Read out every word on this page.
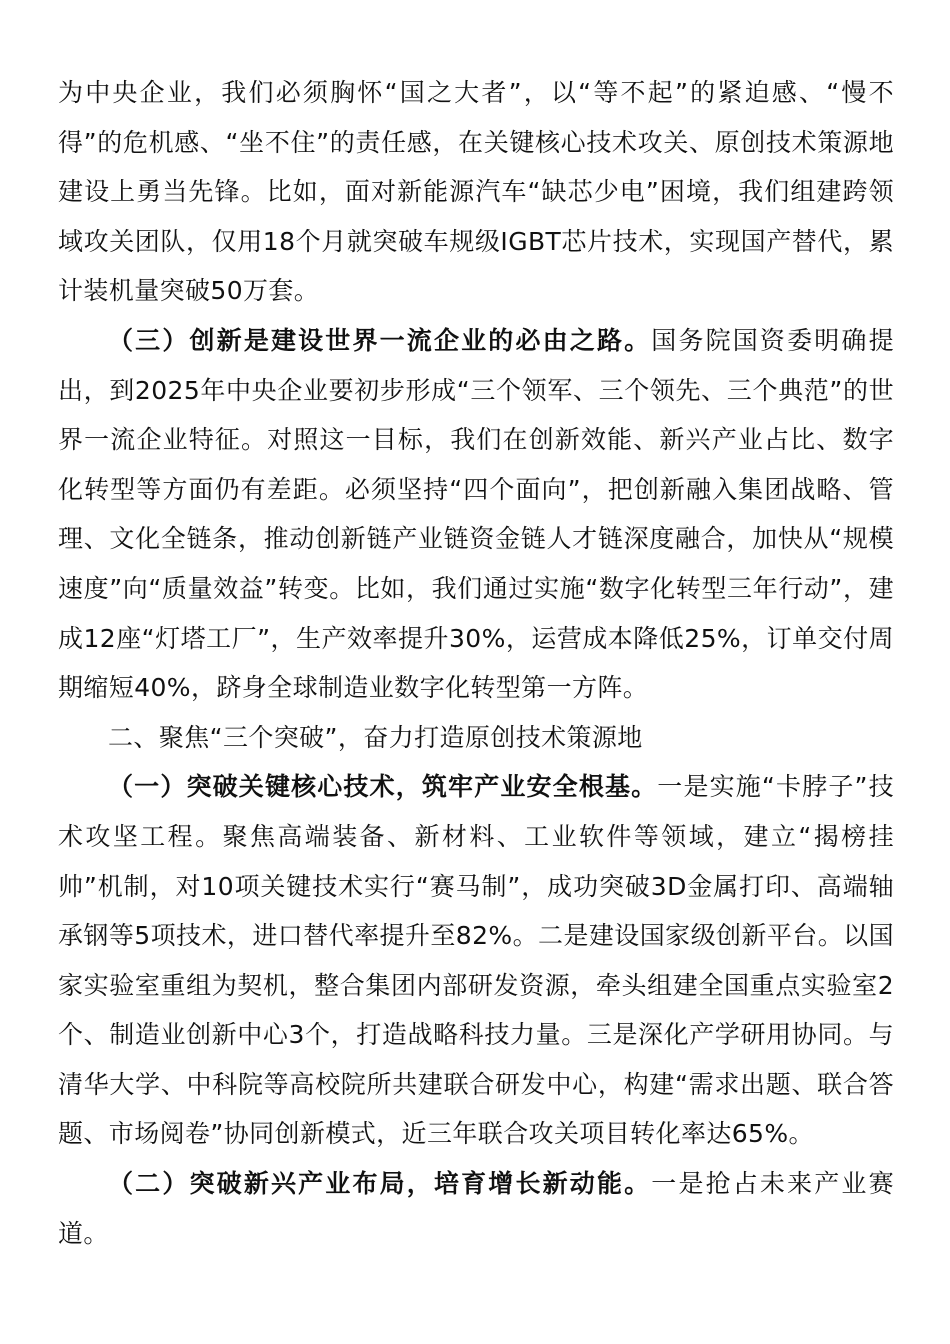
为中央企业，我们必须胸怀“国之大者”，以“等不起”的紧迫感、“慢不得”的危机感、“坐不住”的责任感，在关键核心技术攻关、原创技术策源地建设上勇当先锋。比如，面对新能源汽车“缺芯少电”困境，我们组建跨领域攻关团队，仅用18个月就突破车规级IGBT芯片技术，实现国产替代，累计装机量突破50万套。

（三）创新是建设世界一流企业的必由之路。国务院国资委明确提出，到2025年中央企业要初步形成“三个领军、三个领先、三个典范”的世界一流企业特征。对照这一目标，我们在创新效能、新兴产业占比、数字化转型等方面仍有差距。必须坚持“四个面向”，把创新融入集团战略、管理、文化全链条，推动创新链产业链资金链人才链深度融合，加快从“规模速度”向“质量效益”转变。比如，我们通过实施“数字化转型三年行动”，建成12座“灯塔工厂”，生产效率提升30%，运营成本降低25%，订单交付周期缩短40%，跻身全球制造业数字化转型第一方阵。

二、聚焦“三个突破”，奋力打造原创技术策源地

（一）突破关键核心技术，筑牢产业安全根基。一是实施“卡脖子”技术攻坚工程。聚焦高端装备、新材料、工业软件等领域，建立“揭榜挂帅”机制，对10项关键技术实行“赛马制”，成功突破3D金属打印、高端轴承钢等5项技术，进口替代率提升至82%。二是建设国家级创新平台。以国家实验室重组为契机，整合集团内部研发资源，牵头组建全国重点实验室2个、制造业创新中心3个，打造战略科技力量。三是深化产学研用协同。与清华大学、中科院等高校院所共建联合研发中心，构建“需求出题、联合答题、市场阅卷”协同创新模式，近三年联合攻关项目转化率达65%。

（二）突破新兴产业布局，培育增长新动能。一是抢占未来产业赛道。
